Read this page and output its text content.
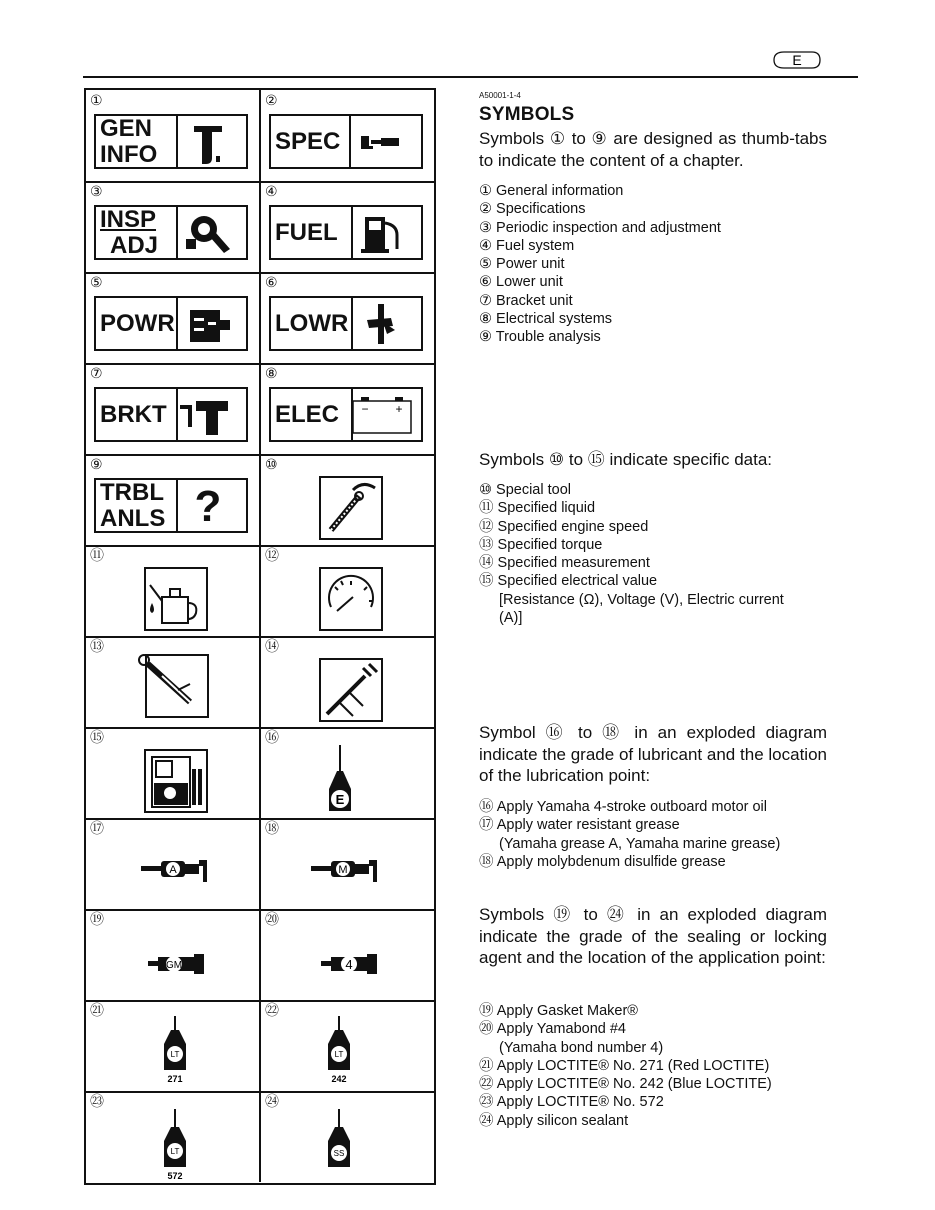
E
①
GEN
INFO
②
SPEC
③
INSP
ADJ
④
FUEL
⑤
POWR
⑥
LOWR
⑦
BRKT
⑧
ELEC	− +
⑨
TRBL
ANLS ?
⑩
⑪	⑫
⑬	⑭
⑮	⑯
E
⑰
A
⑱
M
⑲
GM
⑳
4
㉑
LT
271
㉒
LT
242
㉓
LT
572
㉔
SS
A50001-1-4
SYMBOLS
Symbols ① to ⑨ are designed as thumb-tabs to indicate the content of a chapter.
① General information
② Specifications
③ Periodic inspection and adjustment
④ Fuel system
⑤ Power unit
⑥ Lower unit
⑦ Bracket unit
⑧ Electrical systems
⑨ Trouble analysis
Symbols ⑩ to ⑮ indicate specific data:
⑩ Special tool
⑪ Specified liquid
⑫ Specified engine speed
⑬ Specified torque
⑭ Specified measurement
⑮ Specified electrical value
[Resistance (Ω), Voltage (V), Electric current
(A)]
Symbol ⑯ to ⑱ in an exploded diagram indicate the grade of lubricant and the location of the lubrication point:
⑯ Apply Yamaha 4-stroke outboard motor oil
⑰ Apply water resistant grease
(Yamaha grease A, Yamaha marine grease)
⑱ Apply molybdenum disulfide grease
Symbols ⑲ to ㉔ in an exploded diagram indicate the grade of the sealing or locking agent and the location of the application point:
⑲ Apply Gasket Maker®
⑳ Apply Yamabond #4
(Yamaha bond number 4)
㉑ Apply LOCTITE® No. 271 (Red LOCTITE)
㉒ Apply LOCTITE® No. 242 (Blue LOCTITE)
㉓ Apply LOCTITE® No. 572
㉔ Apply silicon sealant
